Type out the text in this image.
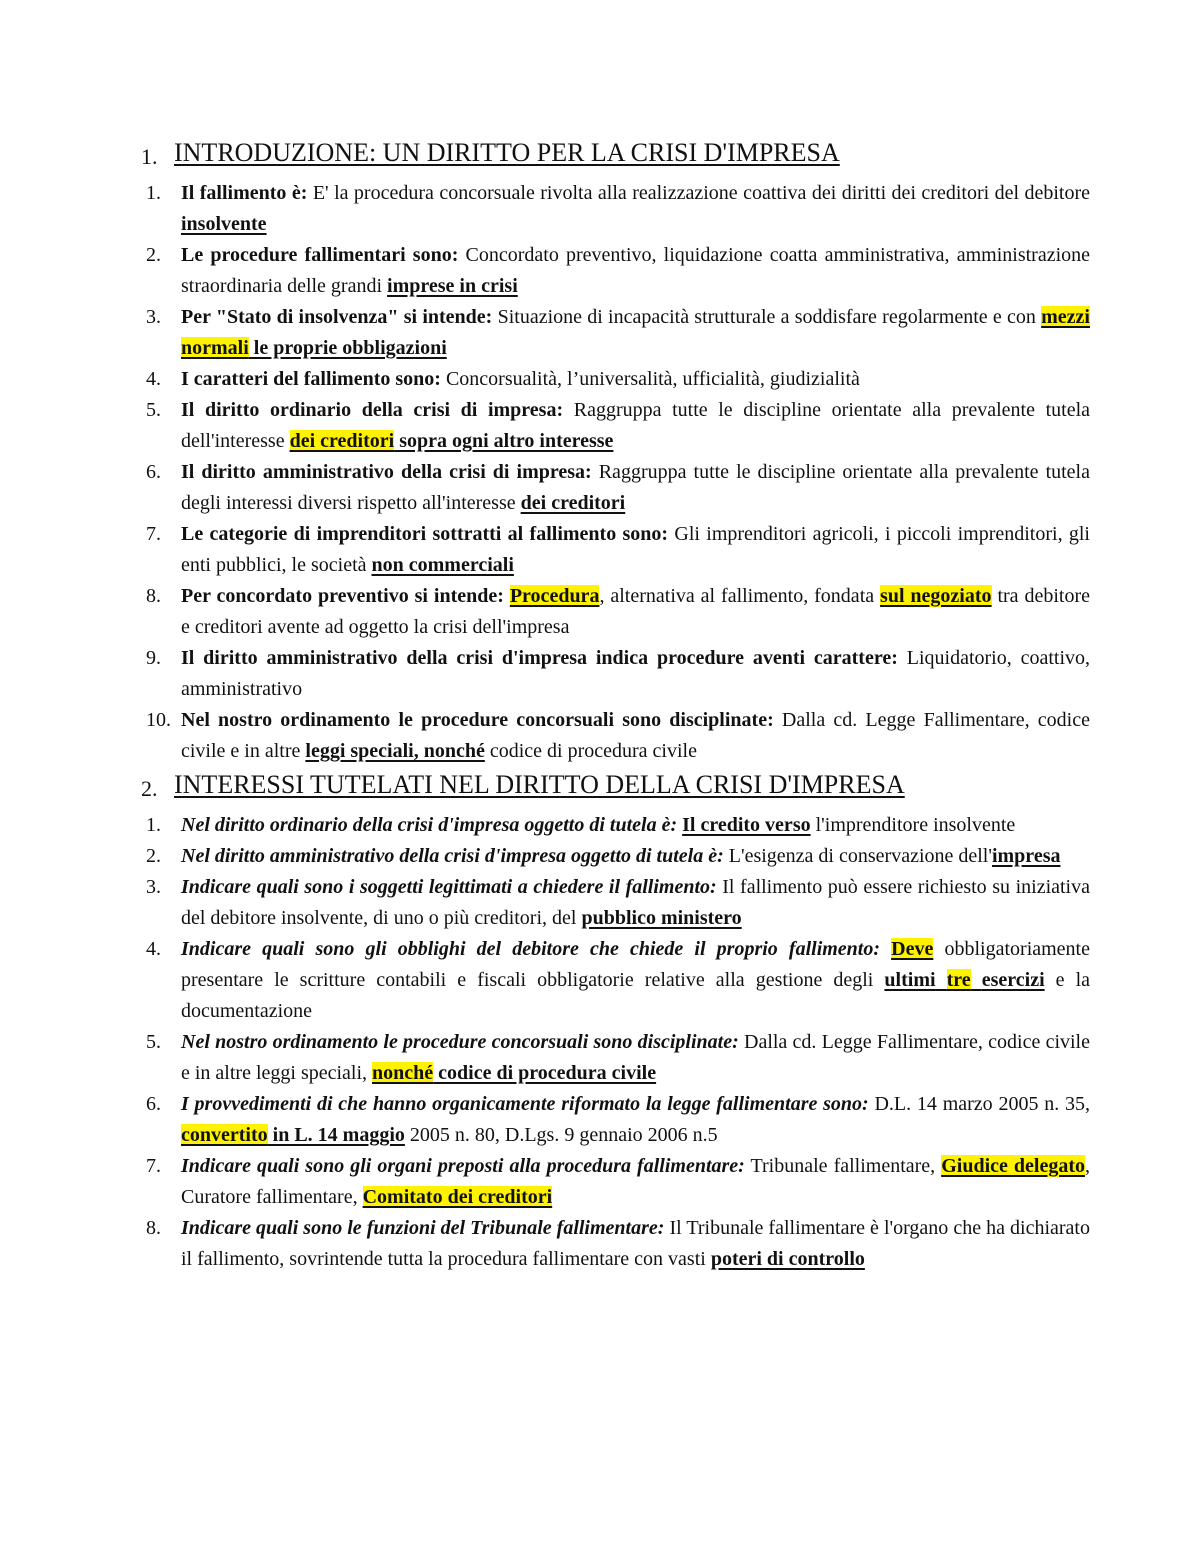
1. INTRODUZIONE: UN DIRITTO PER LA CRISI D'IMPRESA
1. Il fallimento è: E' la procedura concorsuale rivolta alla realizzazione coattiva dei diritti dei creditori del debitore insolvente
2. Le procedure fallimentari sono: Concordato preventivo, liquidazione coatta amministrativa, amministrazione straordinaria delle grandi imprese in crisi
3. Per "Stato di insolvenza" si intende: Situazione di incapacità strutturale a soddisfare regolarmente e con mezzi normali le proprie obbligazioni
4. I caratteri del fallimento sono: Concorsualità, l’universalità, ufficialità, giudizialità
5. Il diritto ordinario della crisi di impresa: Raggruppa tutte le discipline orientate alla prevalente tutela dell'interesse dei creditori sopra ogni altro interesse
6. Il diritto amministrativo della crisi di impresa: Raggruppa tutte le discipline orientate alla prevalente tutela degli interessi diversi rispetto all'interesse dei creditori
7. Le categorie di imprenditori sottratti al fallimento sono: Gli imprenditori agricoli, i piccoli imprenditori, gli enti pubblici, le società non commerciali
8. Per concordato preventivo si intende: Procedura, alternativa al fallimento, fondata sul negoziato tra debitore e creditori avente ad oggetto la crisi dell'impresa
9. Il diritto amministrativo della crisi d'impresa indica procedure aventi carattere: Liquidatorio, coattivo, amministrativo
10. Nel nostro ordinamento le procedure concorsuali sono disciplinate: Dalla cd. Legge Fallimentare, codice civile e in altre leggi speciali, nonché codice di procedura civile
2. INTERESSI TUTELATI NEL DIRITTO DELLA CRISI D'IMPRESA
1. Nel diritto ordinario della crisi d'impresa oggetto di tutela è: Il credito verso l'imprenditore insolvente
2. Nel diritto amministrativo della crisi d'impresa oggetto di tutela è: L'esigenza di conservazione dell'impresa
3. Indicare quali sono i soggetti legittimati a chiedere il fallimento: Il fallimento può essere richiesto su iniziativa del debitore insolvente, di uno o più creditori, del pubblico ministero
4. Indicare quali sono gli obblighi del debitore che chiede il proprio fallimento: Deve obbligatoriamente presentare le scritture contabili e fiscali obbligatorie relative alla gestione degli ultimi tre esercizi e la documentazione
5. Nel nostro ordinamento le procedure concorsuali sono disciplinate: Dalla cd. Legge Fallimentare, codice civile e in altre leggi speciali, nonché codice di procedura civile
6. I provvedimenti di che hanno organicamente riformato la legge fallimentare sono: D.L. 14 marzo 2005 n. 35, convertito in L. 14 maggio 2005 n. 80, D.Lgs. 9 gennaio 2006 n.5
7. Indicare quali sono gli organi preposti alla procedura fallimentare: Tribunale fallimentare, Giudice delegato, Curatore fallimentare, Comitato dei creditori
8. Indicare quali sono le funzioni del Tribunale fallimentare: Il Tribunale fallimentare è l'organo che ha dichiarato il fallimento, sovrintende tutta la procedura fallimentare con vasti poteri di controllo
